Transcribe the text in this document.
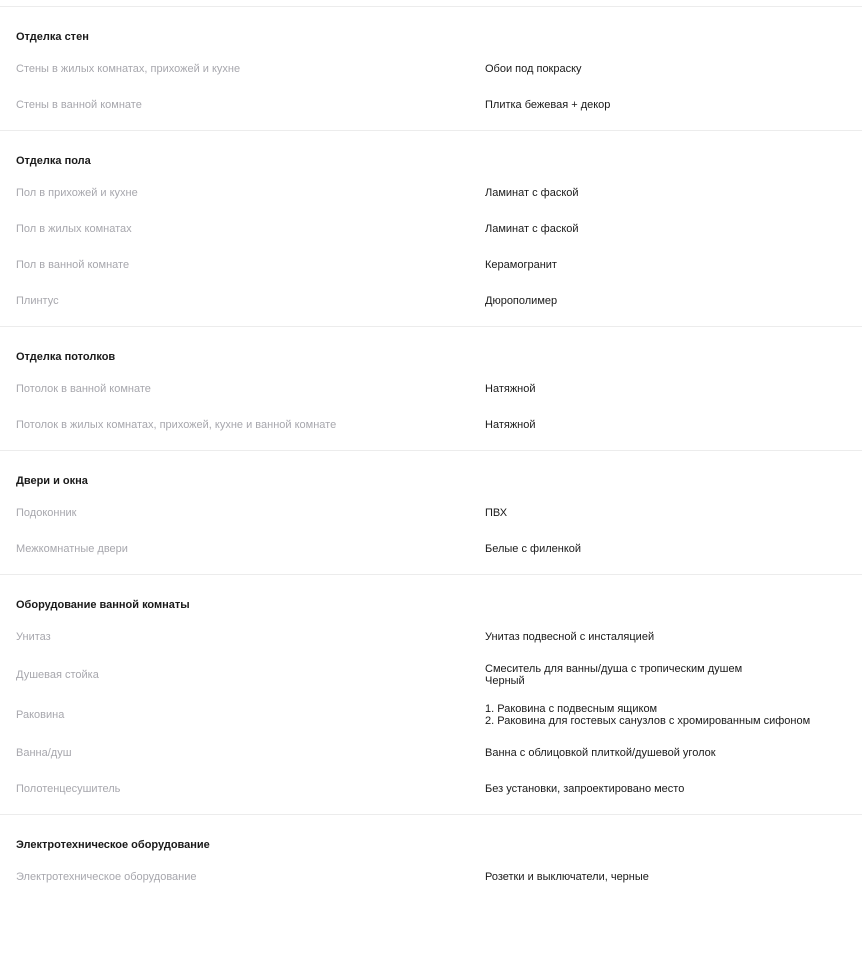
Отделка стен
Стены в жилых комнатах, прихожей и кухне	Обои под покраску
Стены в ванной комнате	Плитка бежевая + декор
Отделка пола
Пол в прихожей и кухне	Ламинат с фаской
Пол в жилых комнатах	Ламинат с фаской
Пол в ванной комнате	Керамогранит
Плинтус	Дюрополимер
Отделка потолков
Потолок в ванной комнате	Натяжной
Потолок в жилых комнатах, прихожей, кухне и ванной комнате	Натяжной
Двери и окна
Подоконник	ПВХ
Межкомнатные двери	Белые с филенкой
Оборудование ванной комнаты
Унитаз	Унитаз подвесной с инсталяцией
Душевая стойка	Смеситель для ванны/душа с тропическим душем
Черный
Раковина	1. Раковина с подвесным ящиком
2. Раковина для гостевых санузлов с хромированным сифоном
Ванна/душ	Ванна с облицовкой плиткой/душевой уголок
Полотенцесушитель	Без установки, запроектировано место
Электротехническое оборудование
Электротехническое оборудование	Розетки и выключатели, черные
